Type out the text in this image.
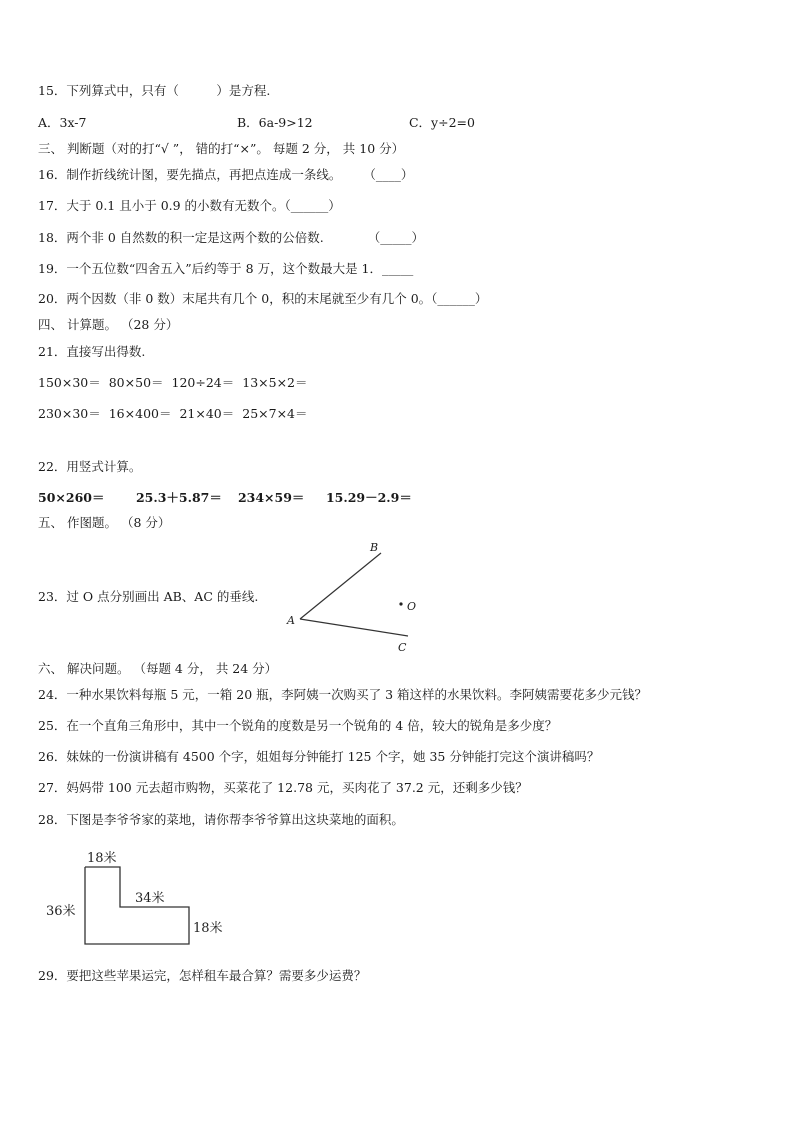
15．下列算式中，只有（　　　）是方程.
A．3x-7	B．6a-9>12	C．y÷2=0
三、 判断题（对的打“√ ”， 错的打“×”。 每题 2 分， 共 10 分）
16．制作折线统计图，要先描点，再把点连成一条线。 （____）
17．大于 0.1 且小于 0.9 的小数有无数个。（______）
18．两个非 0 自然数的积一定是这两个数的公倍数.	（_____）
19．一个五位数“四舍五入”后约等于 8 万，这个数最大是 1．_____
20．两个因数（非 0 数）末尾共有几个 0，积的末尾就至少有几个 0。（______）
四、 计算题。 （28 分）
21．直接写出得数.
150×30＝ 80×50＝ 120÷24＝ 13×5×2＝
230×30＝ 16×400＝ 21×40＝ 25×7×4＝
22．用竖式计算。
50×260＝	25.3＋5.87＝ 234×59＝ 15.29－2.9＝
五、 作图题。 （8 分）
23．过 O 点分别画出 AB、AC 的垂线.
A
B
C
O
六、 解决问题。 （每题 4 分， 共 24 分）
24．一种水果饮料每瓶 5 元，一箱 20 瓶，李阿姨一次购买了 3 箱这样的水果饮料。李阿姨需要花多少元钱？
25．在一个直角三角形中，其中一个锐角的度数是另一个锐角的 4 倍，较大的锐角是多少度？
26．妹妹的一份演讲稿有 4500 个字，姐姐每分钟能打 125 个字，她 35 分钟能打完这个演讲稿吗？
27．妈妈带 100 元去超市购物，买菜花了 12.78 元，买肉花了 37.2 元，还剩多少钱？
28．下图是李爷爷家的菜地，请你帮李爷爷算出这块菜地的面积。
18米
36米
34米
18米
29．要把这些苹果运完，怎样租车最合算？需要多少运费？
